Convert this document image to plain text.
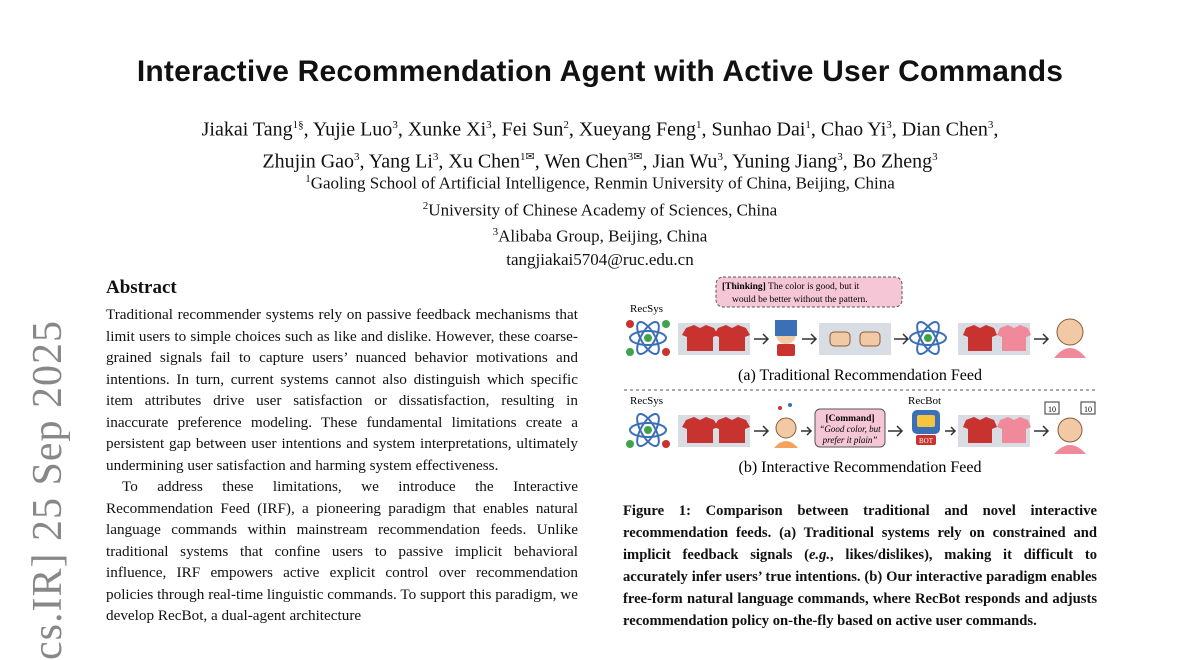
cs.IR] 25 Sep 2025
Interactive Recommendation Agent with Active User Commands
Jiakai Tang$^{1\S}$, Yujie Luo$^3$, Xunke Xi$^3$, Fei Sun$^2$, Xueyang Feng$^1$, Sunhao Dai$^1$, Chao Yi$^3$, Dian Chen$^3$,
Zhujin Gao$^3$, Yang Li$^3$, Xu Chen$^{1✉}$, Wen Chen$^{3✉}$, Jian Wu$^3$, Yuning Jiang$^3$, Bo Zheng$^3$
$^1$Gaoling School of Artificial Intelligence, Renmin University of China, Beijing, China
$^2$University of Chinese Academy of Sciences, China
$^3$Alibaba Group, Beijing, China
tangjiakai5704@ruc.edu.cn
Abstract

Traditional recommender systems rely on passive feedback mechanisms that limit users to simple choices such as like and dislike. However, these coarse-grained signals fail to capture users’ nuanced behavior motivations and intentions. In turn, current systems cannot also distinguish which specific item attributes drive user satisfaction or dissatisfaction, resulting in inaccurate preference modeling. These fundamental limitations create a persistent gap between user intentions and system interpretations, ultimately undermining user satisfaction and harming system effectiveness.

To address these limitations, we introduce the Interactive Recommendation Feed (IRF), a pioneering paradigm that enables natural language commands within mainstream recommendation feeds. Unlike traditional systems that confine users to passive implicit behavioral influence, IRF empowers active explicit control over recommendation policies through real-time linguistic commands. To support this paradigm, we develop RecBot, a dual-agent architecture

[Thinking] The color is good, but it
would be better without the pattern.
RecSys
(a) Traditional Recommendation Feed
RecSys
[Command]
“Good color, but
prefer it plain”
RecBot
BOT
10	10
(b) Interactive Recommendation Feed
Figure 1: Comparison between traditional and novel interactive recommendation feeds. (a) Traditional systems rely on constrained and implicit feedback signals (e.g., likes/dislikes), making it difficult to accurately infer users’ true intentions. (b) Our interactive paradigm enables free-form natural language commands, where RecBot responds and adjusts recommendation policy on-the-fly based on active user commands.
